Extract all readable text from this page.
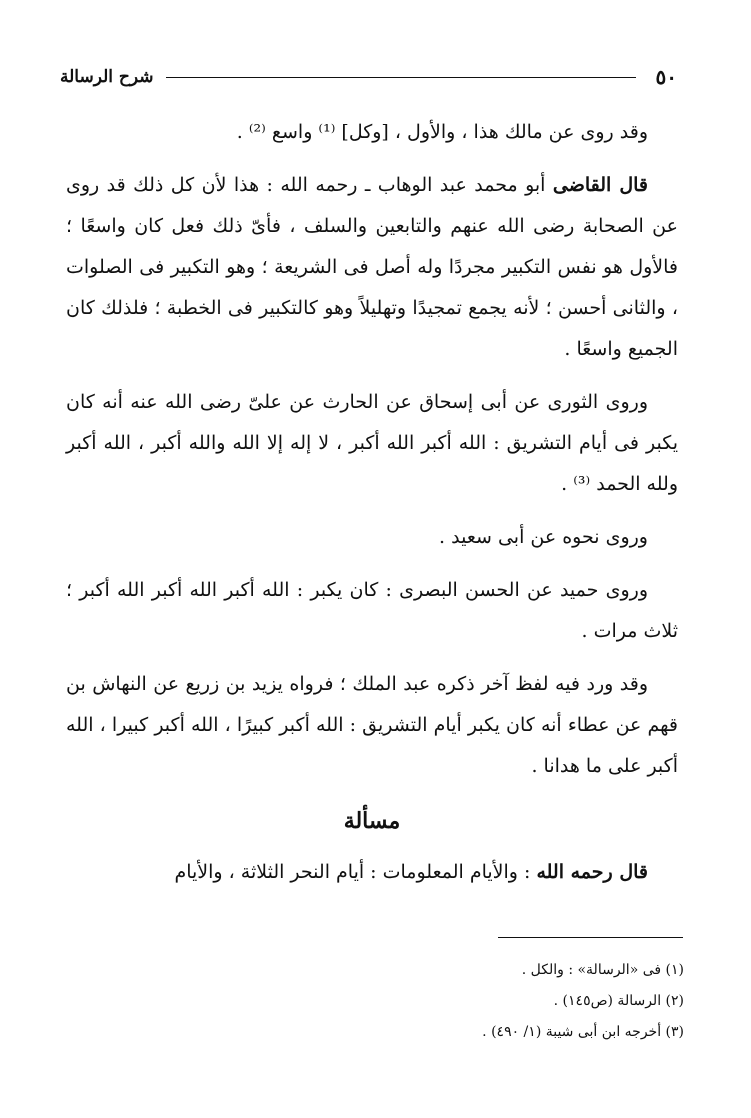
٥٠
شرح الرسالة

وقد روى عن مالك هذا ، والأول ، [وكل] ⁽¹⁾ واسع ⁽²⁾ .

قال القاضى أبو محمد عبد الوهاب ـ رحمه الله : هذا لأن كل ذلك قد روى عن الصحابة رضى الله عنهم والتابعين والسلف ، فأىّ ذلك فعل كان واسعًا ؛ فالأول هو نفس التكبير مجردًا وله أصل فى الشريعة ؛ وهو التكبير فى الصلوات ، والثانى أحسن ؛ لأنه يجمع تمجيدًا وتهليلاً وهو كالتكبير فى الخطبة ؛ فلذلك كان الجميع واسعًا .

وروى الثورى عن أبى إسحاق عن الحارث عن علىّ رضى الله عنه أنه كان يكبر فى أيام التشريق : الله أكبر الله أكبر ، لا إله إلا الله والله أكبر ، الله أكبر ولله الحمد ⁽³⁾ .

وروى نحوه عن أبى سعيد .

وروى حميد عن الحسن البصرى : كان يكبر : الله أكبر الله أكبر الله أكبر ؛ ثلاث مرات .

وقد ورد فيه لفظ آخر ذكره عبد الملك ؛ فرواه يزيد بن زريع عن النهاش بن قهم عن عطاء أنه كان يكبر أيام التشريق : الله أكبر كبيرًا ، الله أكبر كبيرا ، الله أكبر على ما هدانا .

مسألة

قال رحمه الله : والأيام المعلومات : أيام النحر الثلاثة ، والأيام

(١) فى «الرسالة» : والكل .
(٢) الرسالة (ص١٤٥) .
(٣) أخرجه ابن أبى شيبة (١/ ٤٩٠) .
